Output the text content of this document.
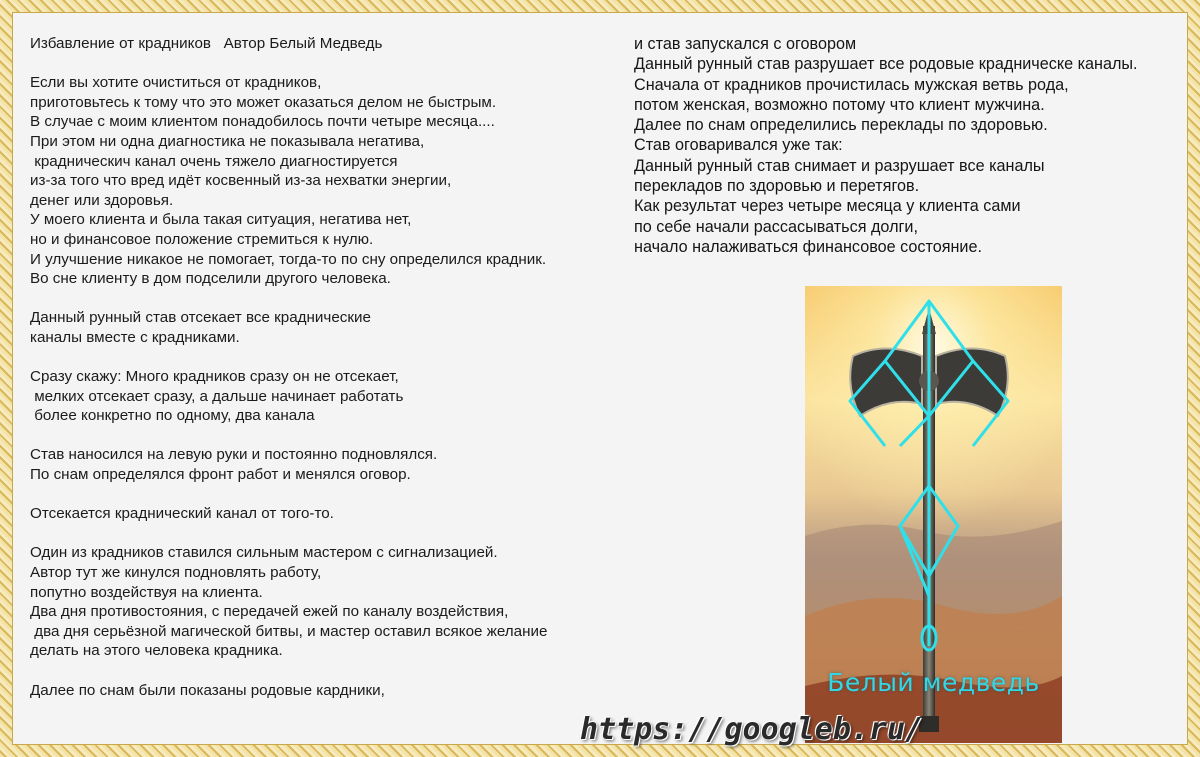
Избавление от крадников   Автор Белый Медведь
Если вы хотите очиститься от крадников,
приготовьтесь к тому что это может оказаться делом не быстрым.
В случае с моим клиентом понадобилось почти четыре месяца....
При этом ни одна диагностика не показывала негатива,
крадническич канал очень тяжело диагностируется
из-за того что вред идёт косвенный из-за нехватки энергии,
денег или здоровья.
У моего клиента и была такая ситуация, негатива нет,
но и финансовое положение стремиться к нулю.
И улучшение никакое не помогает, тогда-то по сну определился крадник.
Во сне клиенту в дом подселили другого человека.
Данный рунный став отсекает все крадническиe
каналы вместе с крадниками.
Сразу скажу: Много крадников сразу он не отсекает,
мелких отсекает сразу, а дальше начинает работать
более конкретно по одному, два канала
Став наносился на левую руки и постоянно подновлялся.
По снам определялся фронт работ и менялся оговор.
Отсекается краднический канал от того-то.
Один из крадников ставился сильным мастером с сигнализацией.
Автор тут же кинулся подновлять работу,
попутно воздействуя на клиента.
Два дня противостояния, с передачей ежей по каналу воздействия,
два дня серьёзной магической битвы, и мастер оставил всякое желание
делать на этого человека крадника.
Далее по снам были показаны родовые кардники,
и став запускался с оговором
Данный рунный став разрушает все родовые крадническе каналы.
Сначала от крадников прочистилась мужская ветвь рода,
потом женская, возможно потому что клиент мужчина.
Далее по снам определились переклады по здоровью.
Став оговаривался уже так:
Данный рунный став снимает и разрушает все каналы
перекладов по здоровью и перетягов.
Как результат через четыре месяца у клиента сами
по себе начали рассасываться долги,
начало налаживаться финансовое состояние.
Белый медведь
https://googleb.ru/
